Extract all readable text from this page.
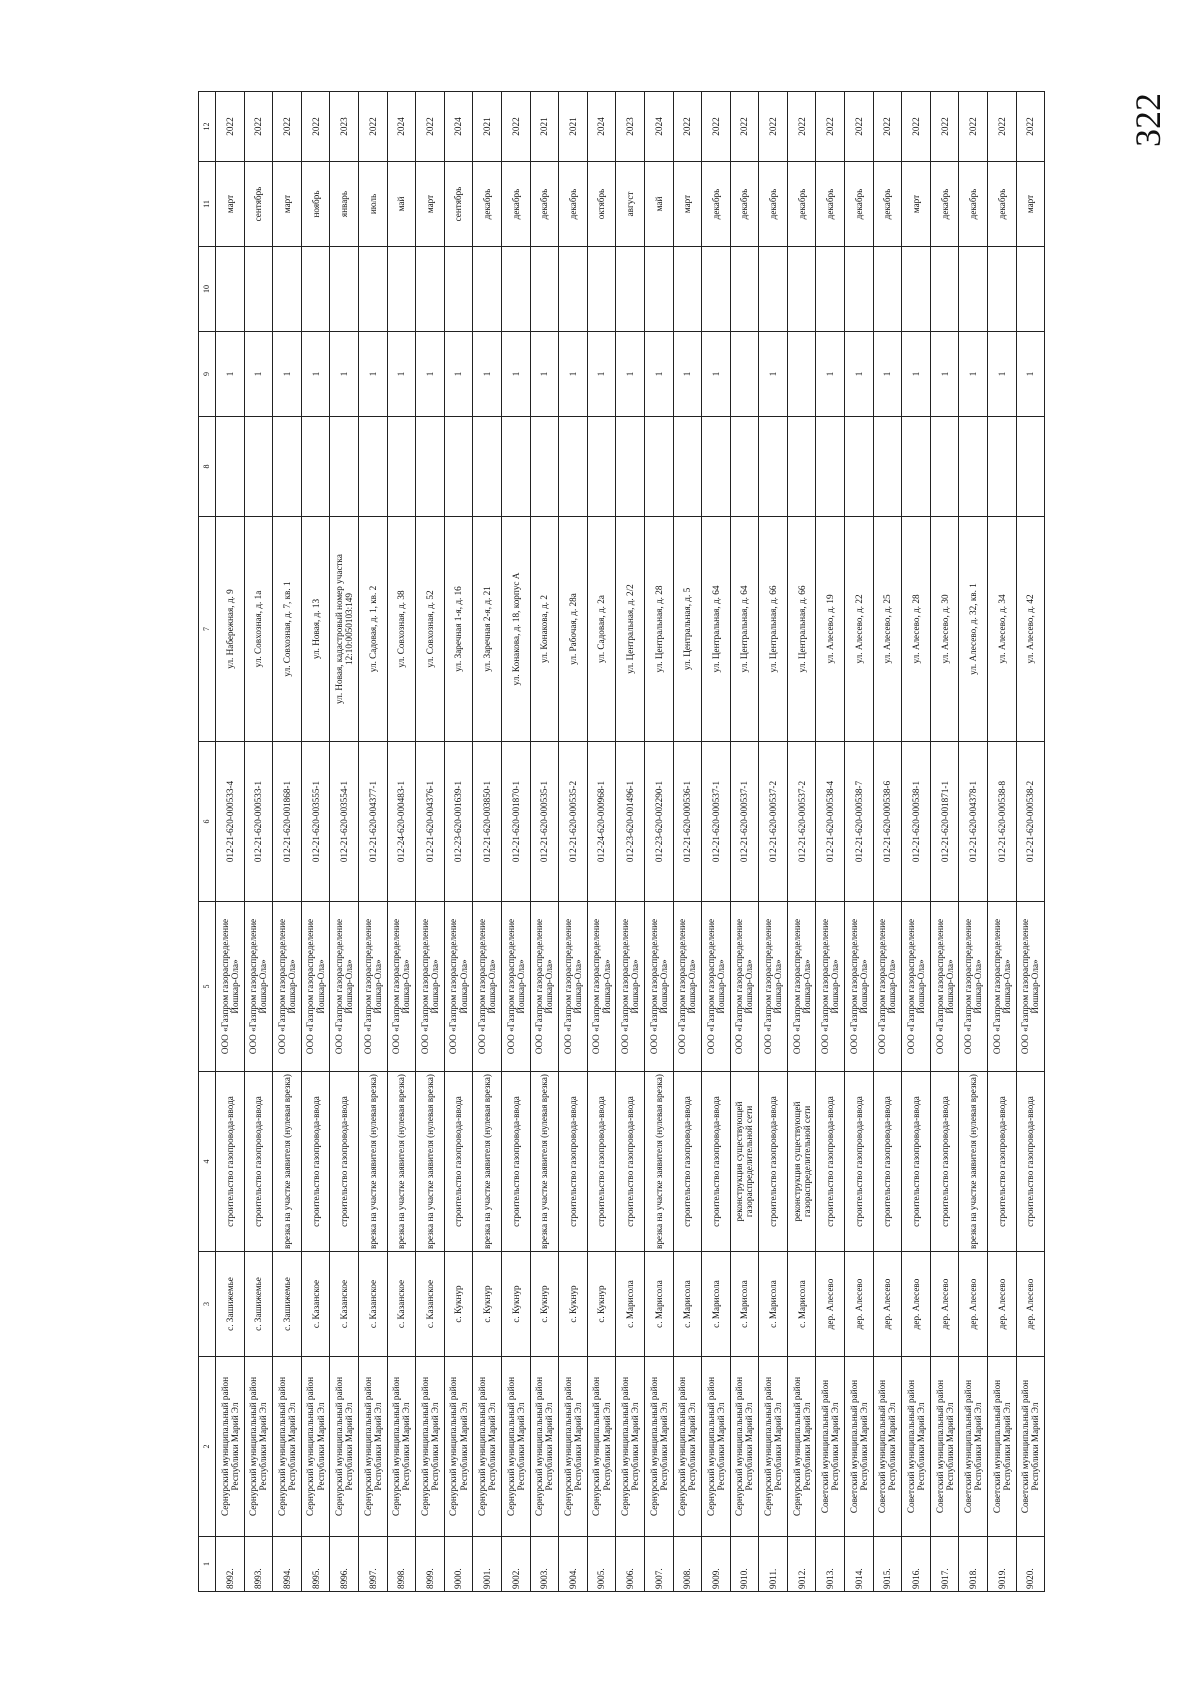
322
1	2	3	4	5	6	7	8	9	10	11	12
8992.	Сернурский муниципальный район Республики Марий Эл	с. Зашижемье	строительство газопровода-ввода	ООО «Газпром газораспределение Йошкар-Ола»	012-21-620-000533-4	ул. Набережная, д. 9		1		март	2022
8993.	Сернурский муниципальный район Республики Марий Эл	с. Зашижемье	строительство газопровода-ввода	ООО «Газпром газораспределение Йошкар-Ола»	012-21-620-000533-1	ул. Совхозная, д. 1а		1		сентябрь	2022
8994.	Сернурский муниципальный район Республики Марий Эл	с. Зашижемье	врезка на участке заявителя (нулевая врезка)	ООО «Газпром газораспределение Йошкар-Ола»	012-21-620-001868-1	ул. Совхозная, д. 7, кв. 1		1		март	2022
8995.	Сернурский муниципальный район Республики Марий Эл	с. Казанское	строительство газопровода-ввода	ООО «Газпром газораспределение Йошкар-Ола»	012-21-620-003555-1	ул. Новая, д. 13		1		ноябрь	2022
8996.	Сернурский муниципальный район Республики Марий Эл	с. Казанское	строительство газопровода-ввода	ООО «Газпром газораспределение Йошкар-Ола»	012-21-620-003554-1	ул. Новая, кадастровый номер участка 12:10:0050103:149		1		январь	2023
8997.	Сернурский муниципальный район Республики Марий Эл	с. Казанское	врезка на участке заявителя (нулевая врезка)	ООО «Газпром газораспределение Йошкар-Ола»	012-21-620-004377-1	ул. Садовая, д. 1, кв. 2		1		июль	2022
8998.	Сернурский муниципальный район Республики Марий Эл	с. Казанское	врезка на участке заявителя (нулевая врезка)	ООО «Газпром газораспределение Йошкар-Ола»	012-24-620-000483-1	ул. Совхозная, д. 38		1		май	2024
8999.	Сернурский муниципальный район Республики Марий Эл	с. Казанское	врезка на участке заявителя (нулевая врезка)	ООО «Газпром газораспределение Йошкар-Ола»	012-21-620-004376-1	ул. Совхозная, д. 52		1		март	2022
9000.	Сернурский муниципальный район Республики Марий Эл	с. Кукнур	строительство газопровода-ввода	ООО «Газпром газораспределение Йошкар-Ола»	012-23-620-001639-1	ул. Заречная 1-я, д. 16		1		сентябрь	2024
9001.	Сернурский муниципальный район Республики Марий Эл	с. Кукнур	врезка на участке заявителя (нулевая врезка)	ООО «Газпром газораспределение Йошкар-Ола»	012-21-620-003850-1	ул. Заречная 2-я, д. 21		1		декабрь	2021
9002.	Сернурский муниципальный район Республики Марий Эл	с. Кукнур	строительство газопровода-ввода	ООО «Газпром газораспределение Йошкар-Ола»	012-21-620-001870-1	ул. Конакова, д. 18, корпус А		1		декабрь	2022
9003.	Сернурский муниципальный район Республики Марий Эл	с. Кукнур	врезка на участке заявителя (нулевая врезка)	ООО «Газпром газораспределение Йошкар-Ола»	012-21-620-000535-1	ул. Конакова, д. 2		1		декабрь	2021
9004.	Сернурский муниципальный район Республики Марий Эл	с. Кукнур	строительство газопровода-ввода	ООО «Газпром газораспределение Йошкар-Ола»	012-21-620-000535-2	ул. Рабочая, д. 28а		1		декабрь	2021
9005.	Сернурский муниципальный район Республики Марий Эл	с. Кукнур	строительство газопровода-ввода	ООО «Газпром газораспределение Йошкар-Ола»	012-24-620-000968-1	ул. Садовая, д. 2а		1		октябрь	2024
9006.	Сернурский муниципальный район Республики Марий Эл	с. Марисола	строительство газопровода-ввода	ООО «Газпром газораспределение Йошкар-Ола»	012-23-620-001496-1	ул. Центральная, д. 2/2		1		август	2023
9007.	Сернурский муниципальный район Республики Марий Эл	с. Марисола	врезка на участке заявителя (нулевая врезка)	ООО «Газпром газораспределение Йошкар-Ола»	012-23-620-002290-1	ул. Центральная, д. 28		1		май	2024
9008.	Сернурский муниципальный район Республики Марий Эл	с. Марисола	строительство газопровода-ввода	ООО «Газпром газораспределение Йошкар-Ола»	012-21-620-000536-1	ул. Центральная, д. 5		1		март	2022
9009.	Сернурский муниципальный район Республики Марий Эл	с. Марисола	строительство газопровода-ввода	ООО «Газпром газораспределение Йошкар-Ола»	012-21-620-000537-1	ул. Центральная, д. 64		1		декабрь	2022
9010.	Сернурский муниципальный район Республики Марий Эл	с. Марисола	реконструкция существующей газораспределительной сети	ООО «Газпром газораспределение Йошкар-Ола»	012-21-620-000537-1	ул. Центральная, д. 64				декабрь	2022
9011.	Сернурский муниципальный район Республики Марий Эл	с. Марисола	строительство газопровода-ввода	ООО «Газпром газораспределение Йошкар-Ола»	012-21-620-000537-2	ул. Центральная, д. 66		1		декабрь	2022
9012.	Сернурский муниципальный район Республики Марий Эл	с. Марисола	реконструкция существующей газораспределительной сети	ООО «Газпром газораспределение Йошкар-Ола»	012-21-620-000537-2	ул. Центральная, д. 66				декабрь	2022
9013.	Советский муниципальный район Республики Марий Эл	дер. Алесево	строительство газопровода-ввода	ООО «Газпром газораспределение Йошкар-Ола»	012-21-620-000538-4	ул. Алесево, д. 19		1		декабрь	2022
9014.	Советский муниципальный район Республики Марий Эл	дер. Алесево	строительство газопровода-ввода	ООО «Газпром газораспределение Йошкар-Ола»	012-21-620-000538-7	ул. Алесево, д. 22		1		декабрь	2022
9015.	Советский муниципальный район Республики Марий Эл	дер. Алесево	строительство газопровода-ввода	ООО «Газпром газораспределение Йошкар-Ола»	012-21-620-000538-6	ул. Алесево, д. 25		1		декабрь	2022
9016.	Советский муниципальный район Республики Марий Эл	дер. Алесево	строительство газопровода-ввода	ООО «Газпром газораспределение Йошкар-Ола»	012-21-620-000538-1	ул. Алесево, д. 28		1		март	2022
9017.	Советский муниципальный район Республики Марий Эл	дер. Алесево	строительство газопровода-ввода	ООО «Газпром газораспределение Йошкар-Ола»	012-21-620-001871-1	ул. Алесево, д. 30		1		декабрь	2022
9018.	Советский муниципальный район Республики Марий Эл	дер. Алесево	врезка на участке заявителя (нулевая врезка)	ООО «Газпром газораспределение Йошкар-Ола»	012-21-620-004378-1	ул. Алесево, д. 32, кв. 1		1		декабрь	2022
9019.	Советский муниципальный район Республики Марий Эл	дер. Алесево	строительство газопровода-ввода	ООО «Газпром газораспределение Йошкар-Ола»	012-21-620-000538-8	ул. Алесево, д. 34		1		декабрь	2022
9020.	Советский муниципальный район Республики Марий Эл	дер. Алесево	строительство газопровода-ввода	ООО «Газпром газораспределение Йошкар-Ола»	012-21-620-000538-2	ул. Алесево, д. 42		1		март	2022
